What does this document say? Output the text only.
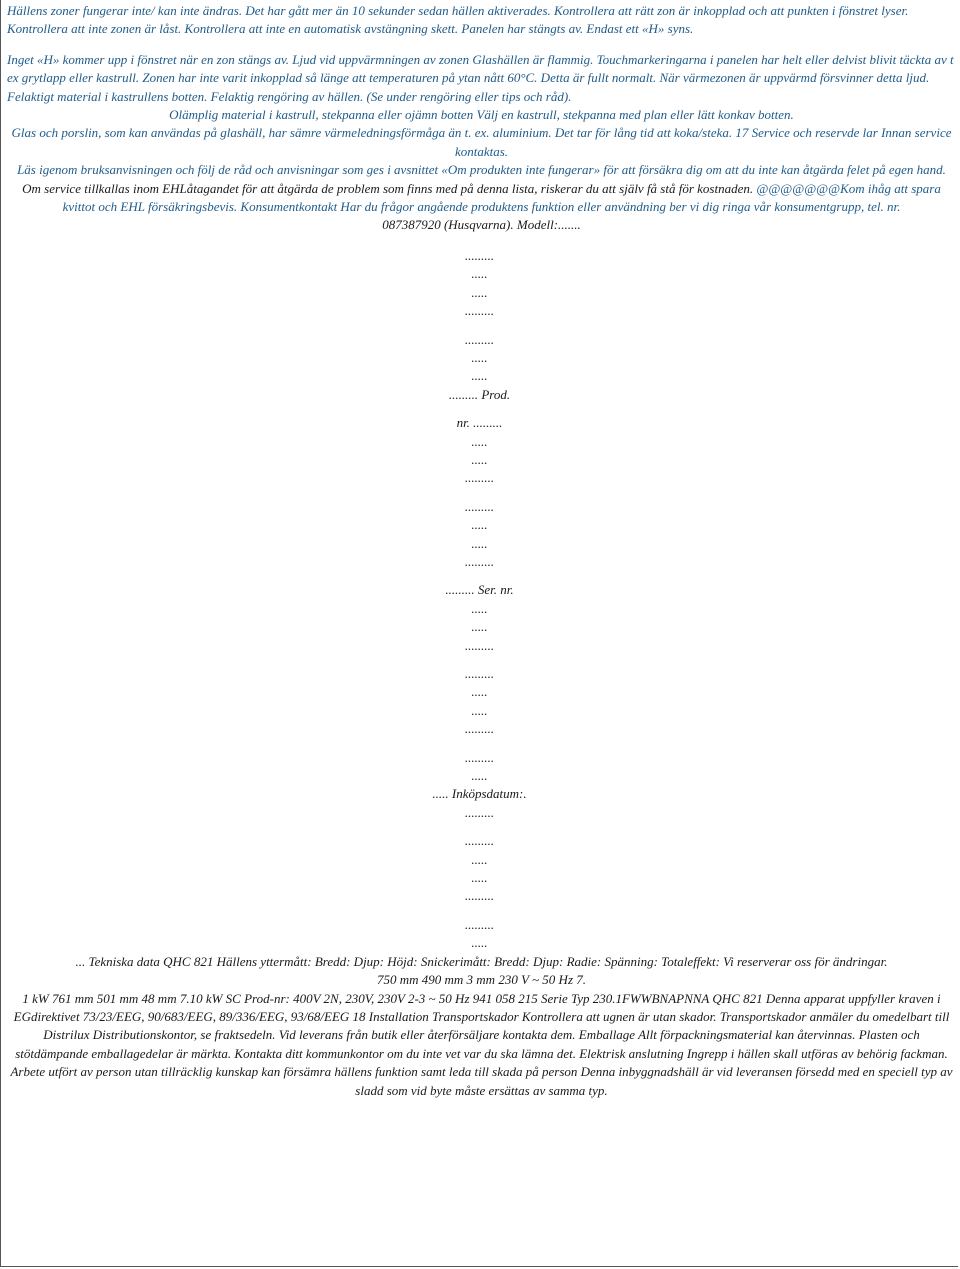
Hällens zoner fungerar inte/ kan inte ändras. Det har gått mer än 10 sekunder sedan hällen aktiverades. Kontrollera att rätt zon är inkopplad och att punkten i fönstret lyser. Kontrollera att inte zonen är låst. Kontrollera att inte en automatisk avstängning skett. Panelen har stängts av. Endast ett «H» syns.

Inget «H» kommer upp i fönstret när en zon stängs av. Ljud vid uppvärmningen av zonen Glashällen är flammig. Touchmarkeringarna i panelen har helt eller delvist blivit täckta av t ex grytlapp eller kastrull. Zonen har inte varit inkopplad så länge att temperaturen på ytan nått 60°C. Detta är fullt normalt. När värmezonen är uppvärmd försvinner detta ljud. Felaktigt material i kastrullens botten. Felaktig rengöring av hällen. (Se under rengöring eller tips och råd).

Olämplig material i kastrull, stekpanna eller ojämn botten Välj en kastrull, stekpanna med plan eller lätt konkav botten.

Glas och porslin, som kan användas på glashäll, har sämre värmeledningsförmåga än t. ex. aluminium. Det tar för lång tid att koka/steka. 17 Service och reservde lar Innan service kontaktas.

Läs igenom bruksanvisningen och följ de råd och anvisningar som ges i avsnittet «Om produkten inte fungerar» för att försäkra dig om att du inte kan åtgärda felet på egen hand. Om service tillkallas inom EHLåtagandet för att åtgärda de problem som finns med på denna lista, riskerar du att själv få stå för kostnaden. @@@@@@@Kom ihåg att spara kvittot och EHL försäkringsbevis. Konsumentkontakt Har du frågor angående produktens funktion eller användning ber vi dig ringa vår konsumentgrupp, tel. nr.

087387920 (Husqvarna). Modell:.......

.........

.....

.....

.........

.........

.....

.....

......... Prod.

nr. .........

.....

.....

.........

.........

.....

.....

.........

......... Ser. nr.

.....

.....

.........

.........

.....

.....

.........

.........

.....

..... Inköpsdatum:.

.........

.........

.....

.....

.........

.........

.....

... Tekniska data QHC 821 Hällens yttermått: Bredd: Djup: Höjd: Snickerimått: Bredd: Djup: Radie: Spänning: Totaleffekt: Vi reserverar oss för ändringar.

750 mm 490 mm 3 mm 230 V ~ 50 Hz 7.

1 kW 761 mm 501 mm 48 mm 7.10 kW SC Prod-nr: 400V 2N, 230V, 230V 2-3 ~ 50 Hz 941 058 215 Serie Typ 230.1FWWBNAPNNA QHC 821 Denna apparat uppfyller kraven i EGdirektivet 73/23/EEG, 90/683/EEG, 89/336/EEG, 93/68/EEG 18 Installation Transportskador Kontrollera att ugnen är utan skador. Transportskador anmäler du omedelbart till Distrilux Distributionskontor, se fraktsedeln. Vid leverans från butik eller återförsäljare kontakta dem. Emballage Allt förpackningsmaterial kan återvinnas. Plasten och stötdämpande emballagedelar är märkta. Kontakta ditt kommunkontor om du inte vet var du ska lämna det. Elektrisk anslutning Ingrepp i hällen skall utföras av behörig fackman. Arbete utfört av person utan tillräcklig kunskap kan försämra hällens funktion samt leda till skada på person Denna inbyggnadshäll är vid leveransen försedd med en speciell typ av sladd som vid byte måste ersättas av samma typ.
